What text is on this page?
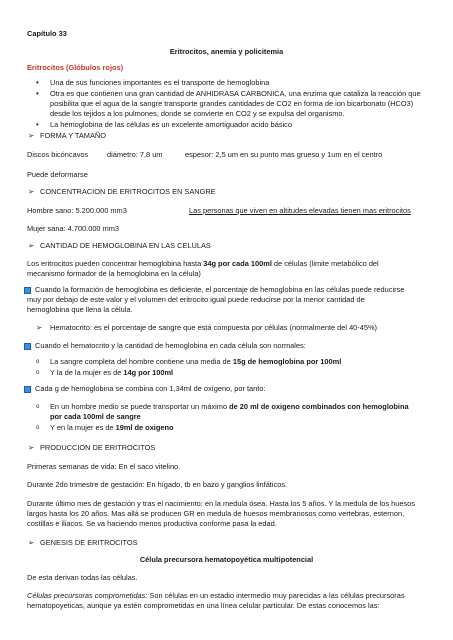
Capítulo 33
Eritrocitos, anemia y policitemia
Eritrocitos (Glóbulos rojos)
• Una de sus funciones importantes es el transporte de hemoglobina
• Otra es que contienen una gran cantidad de ANHIDRASA CARBONICA, una enzima que cataliza la reacción que
posibilita que el agua de la sangre transporte grandes cantidades de CO2 en forma de ion bicarbonato (HCO3)
desde los tejidos a los pulmones, donde se convierte en CO2 y se expulsa del organismo.
• La hemoglobina de las células es un excelente amortiguador acido básico
➢ FORMA Y TAMAÑO
Discos bicóncavos	diámetro: 7,8 um	espesor: 2,5 um en su punto mas grueso y 1um en el centro
Puede deformarse
➢ CONCENTRACION DE ERITROCITOS EN SANGRE
Hombre sano: 5.200.000 mm3	Las personas que viven en altitudes elevadas tienen mas eritrocitos
Mujer sana: 4.700.000 mm3
➢ CANTIDAD DE HEMOGLOBINA EN LAS CELULAS
Los eritrocitos pueden concentrar hemoglobina hasta 34g por cada 100ml de células (limite metabólico del
mecanismo formador de la hemoglobina en la célula)
Cuando la formación de hemoglobina es deficiente, el porcentaje de hemoglobina en las células puede reducirse
muy por debajo de este valor y el volumen del eritrocito igual puede reducirse por la menor cantidad de
hemoglobina que llena la célula.
➢ Hematocrito: es el porcentaje de sangre que está compuesta por células (normalmente del 40-45%)
Cuando el hematocrito y la cantidad de hemoglobina en cada célula son normales:
o La sangre completa del hombre contiene una media de 15g de hemoglobina por 100ml
o Y la de la mujer es de 14g por 100ml
Cada g de hemoglobina se combina con 1,34ml de oxígeno, por tanto:
o En un hombre medio se puede transportar un máximo de 20 ml de oxigeno combinados con hemoglobina
por cada 100ml de sangre
o Y en la mujer es de 19ml de oxigeno
➢ PRODUCCION DE ERITROCITOS
Primeras semanas de vida: En el saco vitelino.
Durante 2do trimestre de gestación: En hígado, tb en bazo y ganglios linfáticos.
Durante último mes de gestación y tras el nacimiento: en la medula ósea. Hasta los 5 años. Y la medula de los huesos
largos hasta los 20 años. Mas allá se producen GR en medula de huesos membranosos como vertebras, esternon,
costillas e iliacos. Se va haciendo menos productiva conforme pasa la edad.
➢ GENESIS DE ERITROCITOS
Célula precursora hematopoyética multipotencial
De esta derivan todas las células.
Células precursoras comprometidas: Son células en un estadio intermedio muy parecidas a las células precursoras
hematopoyeticas, aunque ya estén comprometidas en una línea celular particular. De estas conocemos las:
